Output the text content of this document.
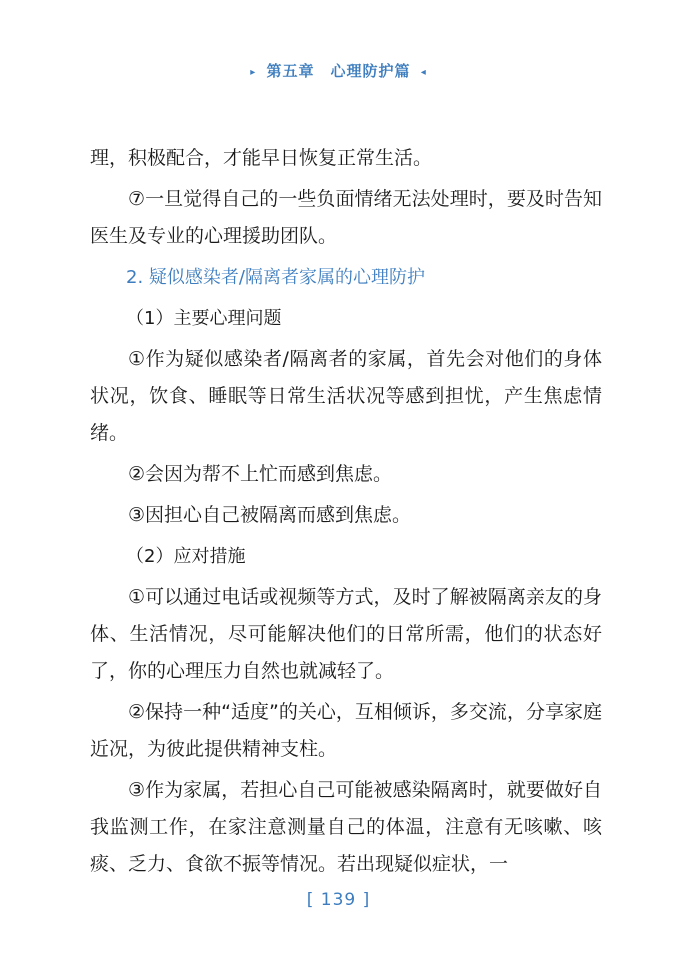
▸ 第五章　心理防护篇 ◂

理，积极配合，才能早日恢复正常生活。

⑦一旦觉得自己的一些负面情绪无法处理时，要及时告知医生及专业的心理援助团队。

2. 疑似感染者/隔离者家属的心理防护

（1）主要心理问题

①作为疑似感染者/隔离者的家属，首先会对他们的身体状况，饮食、睡眠等日常生活状况等感到担忧，产生焦虑情绪。

②会因为帮不上忙而感到焦虑。

③因担心自己被隔离而感到焦虑。

（2）应对措施

①可以通过电话或视频等方式，及时了解被隔离亲友的身体、生活情况，尽可能解决他们的日常所需，他们的状态好了，你的心理压力自然也就减轻了。

②保持一种“适度”的关心，互相倾诉，多交流，分享家庭近况，为彼此提供精神支柱。

③作为家属，若担心自己可能被感染隔离时，就要做好自我监测工作，在家注意测量自己的体温，注意有无咳嗽、咳痰、乏力、食欲不振等情况。若出现疑似症状，一

[ 139 ]
